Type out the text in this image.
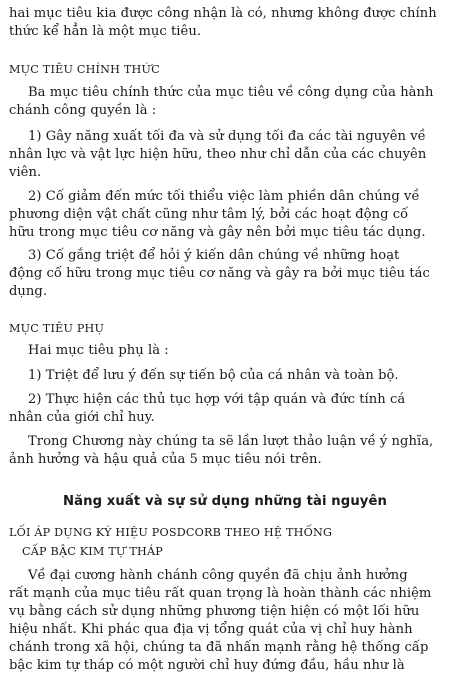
hai mục tiêu kia được công nhận là có, nhưng không được chính
thức kể hẳn là một mục tiêu.
MỤC TIÊU CHÍNH THỨC
Ba mục tiêu chính thức của mục tiêu về công dụng của hành
chánh công quyền là :
1) Gây năng xuất tối đa và sử dụng tối đa các tài nguyên về
nhân lực và vật lực hiện hữu, theo như chỉ dẫn của các chuyên
viên.
2) Cố giảm đến mức tối thiểu việc làm phiền dân chúng về
phương diện vật chất cũng như tâm lý, bởi các hoạt động cố
hữu trong mục tiêu cơ năng và gây nên bởi mục tiêu tác dụng.
3) Cố gắng triệt để hỏi ý kiến dân chúng về những hoạt
động cố hữu trong mục tiêu cơ năng và gây ra bởi mục tiêu tác
dụng.
MỤC TIÊU PHỤ
Hai mục tiêu phụ là :
1) Triệt để lưu ý đến sự tiến bộ của cá nhân và toàn bộ.
2) Thực hiện các thủ tục hợp với tập quán và đức tính cá
nhân của giới chỉ huy.
Trong Chương này chúng ta sẽ lần lượt thảo luận về ý nghĩa,
ảnh hưởng và hậu quả của 5 mục tiêu nói trên.
Năng xuất và sự sử dụng những tài nguyên
LỐI ÁP DỤNG KÝ HIỆU POSDCORB THEO HỆ THỐNG
CẤP BẬC KIM TỰ THÁP
Về đại cương hành chánh công quyền đã chịu ảnh hưởng
rất mạnh của mục tiêu rất quan trọng là hoàn thành các nhiệm
vụ bằng cách sử dụng những phương tiện hiện có một lối hữu
hiệu nhất. Khi phác qua địa vị tổng quát của vị chỉ huy hành
chánh trong xã hội, chúng ta đã nhấn mạnh rằng hệ thống cấp
bậc kim tự tháp có một người chỉ huy đứng đầu, hầu như là
